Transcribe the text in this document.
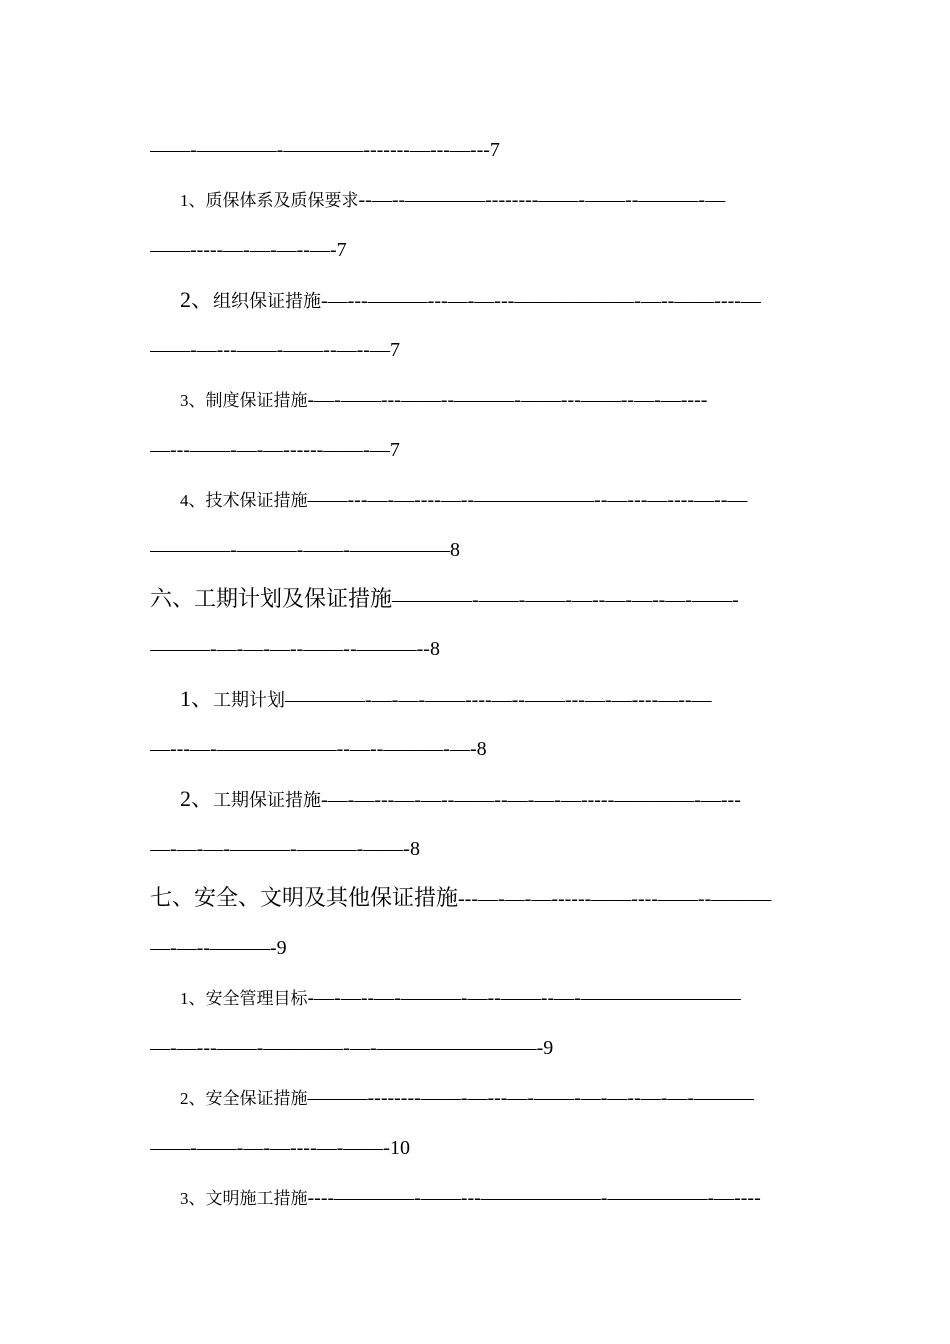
——-————-————-------—---—---7
1、质保体系及质保要求--—--————--------——-——--———-—
——-----—-—-—--—-7
2、组织保证措施-—---———---—-—---——————-—--——----—
——-—---——-——--—--—7
3、制度保证措施-—-——---——--———-——---——--—-—----
—---——-—-—------——-—7
4、技术保证措施——---—-—----—--——————--—---—----—--—
————-———-——-—————8
六、工期计划及保证措施————-——-——-—--—-—--—-——-
———-—-—-—--——--———--8
1、工期计划————-—-—-——----—--——---—-—----—--—
—---—-——————--—--———-—-8
2、工期保证措施-—-—---—-—--——--—-—-—-----————-—---
—-—-—-———-———-——-8
七、安全、文明及其他保证措施---—-—-—------——----——--———
—-—--———-9
1、安全管理目标-—-—--—-———-—--——--—-————————
—-—---——-————-—-————————-9
2、安全保证措施———--------——-—---—-——-—-—--—-—-———
——-——-—-—----—-——-10
3、文明施工措施----————-——---——————-—————-—----
